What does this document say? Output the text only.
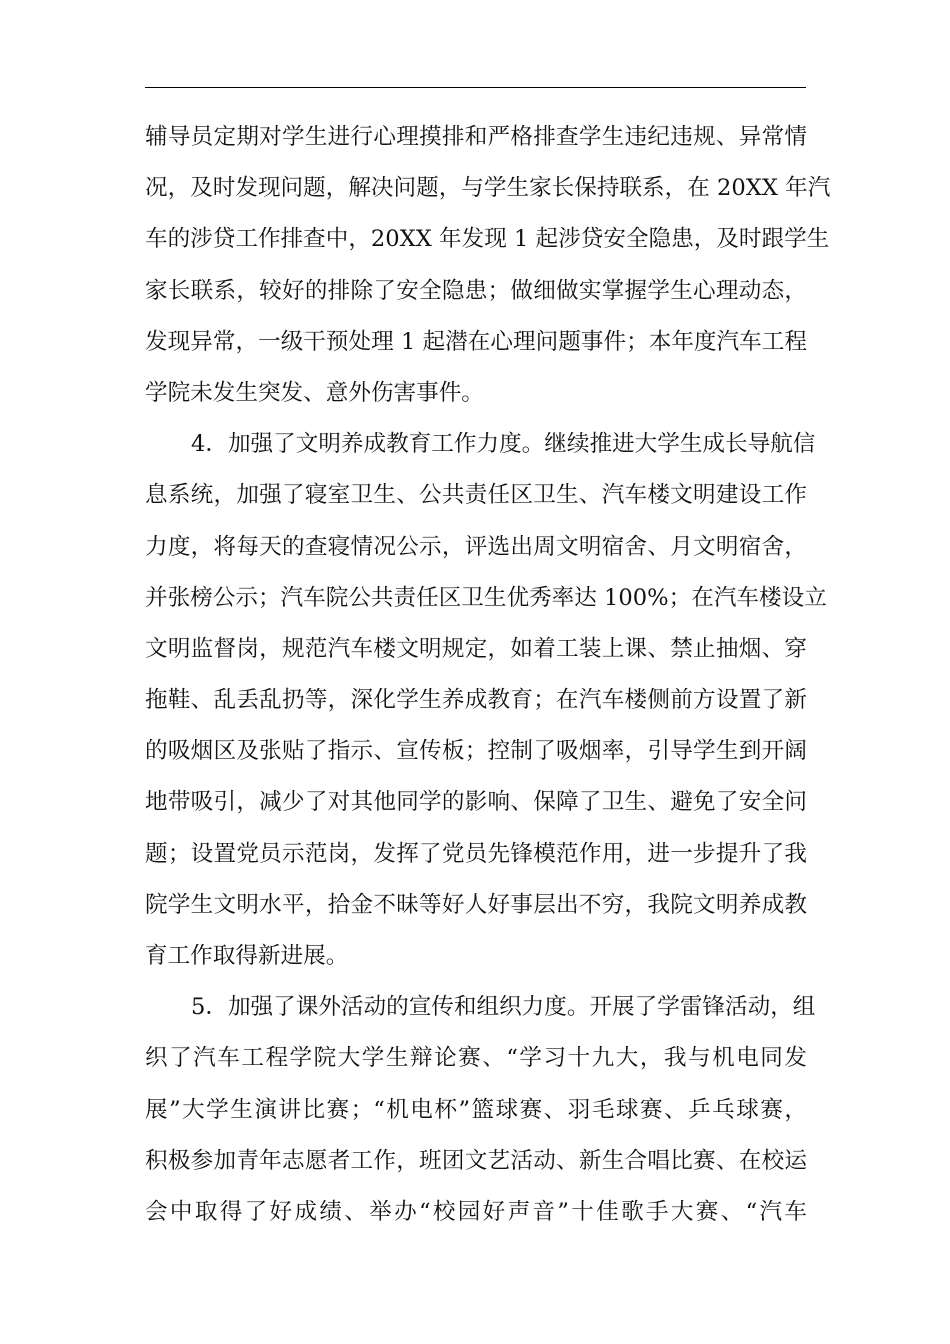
辅导员定期对学生进行心理摸排和严格排查学生违纪违规、异常情
况，及时发现问题，解决问题，与学生家长保持联系，在 20XX 年汽
车的涉贷工作排查中，20XX 年发现 1 起涉贷安全隐患，及时跟学生
家长联系，较好的排除了安全隐患；做细做实掌握学生心理动态，
发现异常，一级干预处理 1 起潜在心理问题事件；本年度汽车工程
学院未发生突发、意外伤害事件。
4．加强了文明养成教育工作力度。继续推进大学生成长导航信
息系统，加强了寝室卫生、公共责任区卫生、汽车楼文明建设工作
力度，将每天的查寝情况公示，评选出周文明宿舍、月文明宿舍，
并张榜公示；汽车院公共责任区卫生优秀率达 100%；在汽车楼设立
文明监督岗，规范汽车楼文明规定，如着工装上课、禁止抽烟、穿
拖鞋、乱丢乱扔等，深化学生养成教育；在汽车楼侧前方设置了新
的吸烟区及张贴了指示、宣传板；控制了吸烟率，引导学生到开阔
地带吸引，减少了对其他同学的影响、保障了卫生、避免了安全问
题；设置党员示范岗，发挥了党员先锋模范作用，进一步提升了我
院学生文明水平，拾金不昧等好人好事层出不穷，我院文明养成教
育工作取得新进展。
5．加强了课外活动的宣传和组织力度。开展了学雷锋活动，组
织了汽车工程学院大学生辩论赛、“学习十九大，我与机电同发
展”大学生演讲比赛；“机电杯”篮球赛、羽毛球赛、乒乓球赛，
积极参加青年志愿者工作，班团文艺活动、新生合唱比赛、在校运
会中取得了好成绩、举办“校园好声音”十佳歌手大赛、“汽车
